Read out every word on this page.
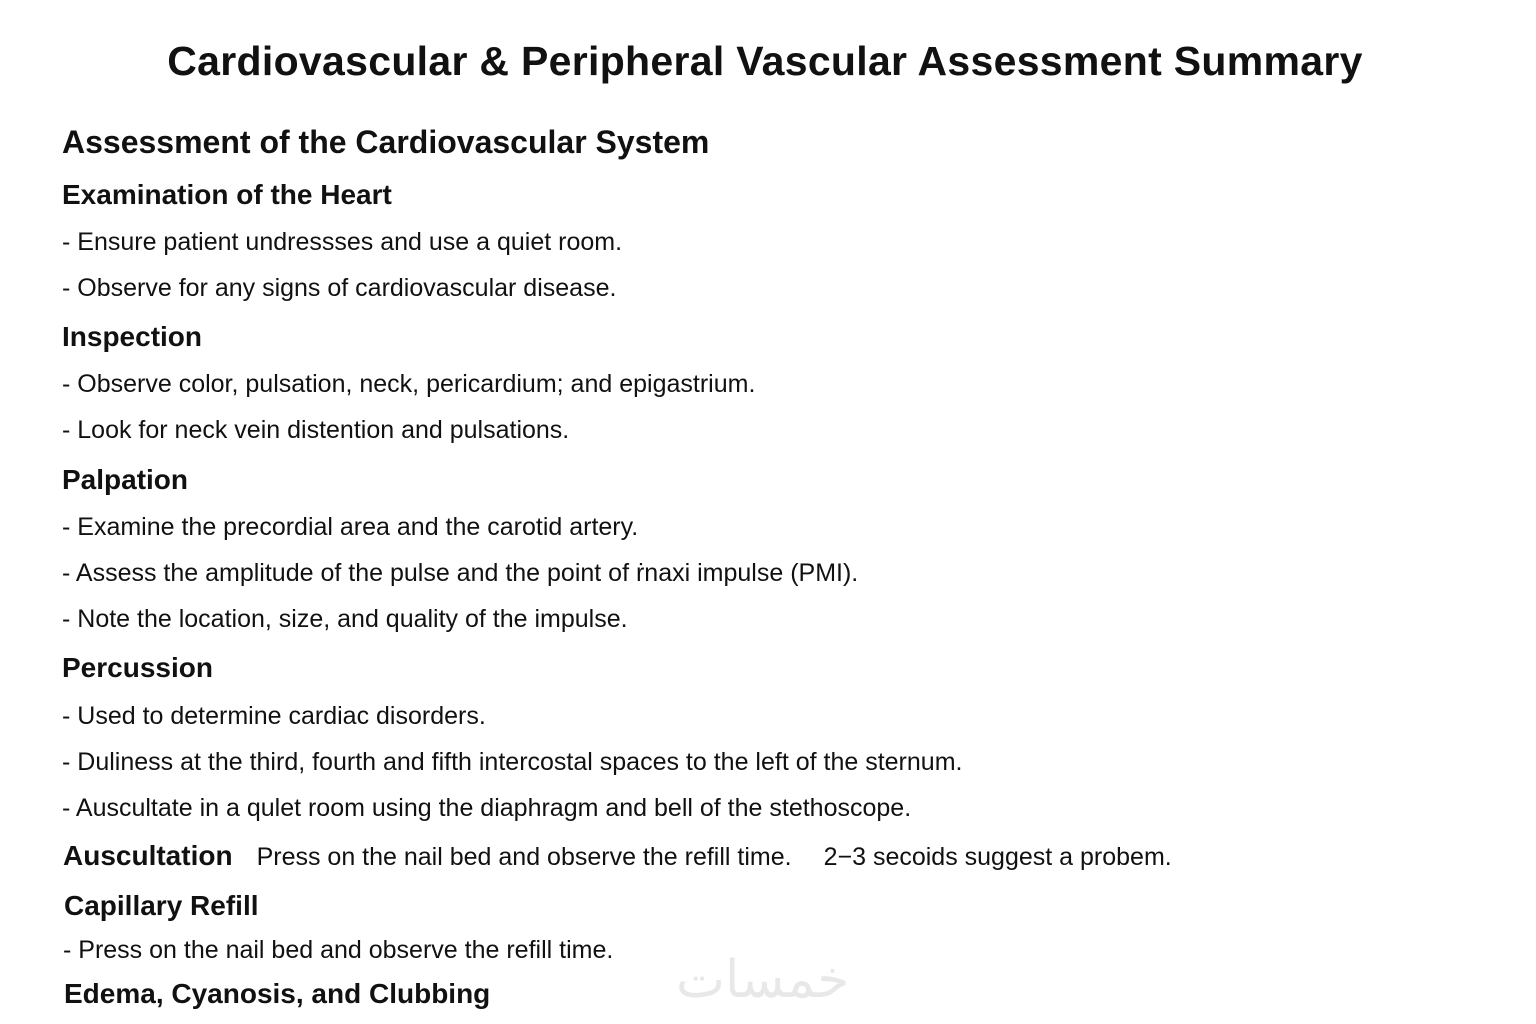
Cardiovascular & Peripheral Vascular Assessment Summary
Assessment of the Cardiovascular System
Examination of the Heart

- Ensure patient undressses and use a quiet room.

- Observe for any signs of cardiovascular disease.

Inspection

- Observe color, pulsation, neck, pericardium; and epigastrium.

- Look for neck vein distention and pulsations.

Palpation

- Examine the precordial area and the carotid artery.

- Assess the amplitude of the pulse and the point of ṙnaxi impulse (PMI).

- Note the location, size, and quality of the impulse.

Percussion

- Used to determine cardiac disorders.

- Duliness at the third, fourth and fifth intercostal spaces to the left of the sternum.

- Auscultate in a qulet room using the diaphragm and bell of the stethoscope.

Auscultation Press on the nail bed and observe the refill time. 2−3 secoids suggest a probem.
Capillary Refill

- Press on the nail bed and observe the refill time.

Edema, Cyanosis, and Clubbing	خمسات
